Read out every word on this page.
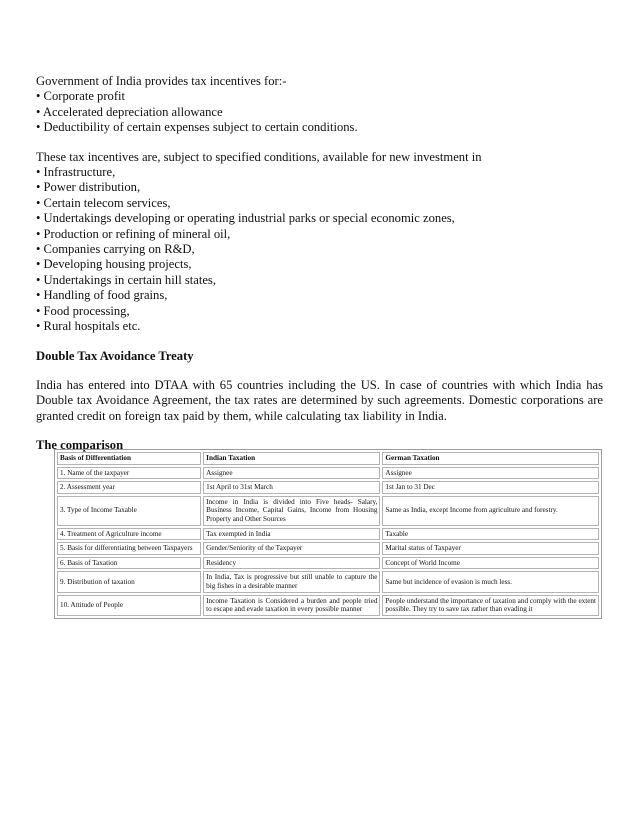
Government of India provides tax incentives for:-

• Corporate profit

• Accelerated depreciation allowance

• Deductibility of certain expenses subject to certain conditions.

These tax incentives are, subject to specified conditions, available for new investment in

• Infrastructure,

• Power distribution,

• Certain telecom services,

• Undertakings developing or operating industrial parks or special economic zones,

• Production or refining of mineral oil,

• Companies carrying on R&D,

• Developing housing projects,

• Undertakings in certain hill states,

• Handling of food grains,

• Food processing,

• Rural hospitals etc.

Double Tax Avoidance Treaty

India has entered into DTAA with 65 countries including the US. In case of countries with which India has Double tax Avoidance Agreement, the tax rates are determined by such agreements. Domestic corporations are granted credit on foreign tax paid by them, while calculating tax liability in India.

The comparison

Basis of Differentiation	Indian Taxation	German Taxation
1. Name of the taxpayer	Assignee	Assignee
2. Assessment year	1st April to 31st March	1st Jan to 31 Dec
3. Type of Income Taxable	Income in India is divided into Five heads- Salary, Business Income, Capital Gains, Income from Housing Property and Other Sources	Same as India, except Income from agriculture and forestry.
4. Treatment of Agriculture income	Tax exempted in India	Taxable
5. Basis for differentiating between Taxpayers	Gender/Seniority of the Taxpayer	Marital status of Taxpayer
6. Basis of Taxation	Residency	Concept of World Income
9. Distribution of taxation	In India, Tax is progressive but still unable to capture the big fishes in a desirable manner	Same but incidence of evasion is much less.
10. Attitude of People	Income Taxation is Considered a burden and people tried to escape and evade taxation in every possible manner	People understand the importance of taxation and comply with the extent possible. They try to save tax rather than evading it
